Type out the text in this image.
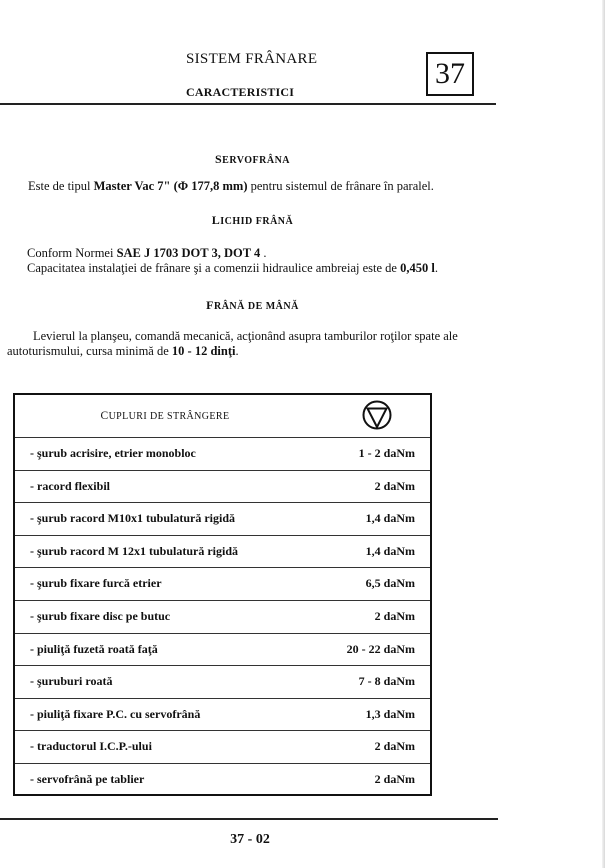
SISTEM FRÂNARE
CARACTERISTICI
37
SERVOFRÂNA
Este de tipul Master Vac 7" (Φ 177,8 mm) pentru sistemul de frânare în paralel.
LICHID FRÂNĂ
Conform Normei SAE J 1703 DOT 3, DOT 4 .
Capacitatea instalaţiei de frânare şi a comenzii hidraulice ambreiaj este de 0,450 l.
FRÂNĂ DE MÂNĂ
Levierul la planşeu, comandă mecanică, acţionând asupra tamburilor roţilor spate ale
autoturismului, cursa minimă de 10 - 12 dinţi.
CUPLURI DE STRÂNGERE
- şurub acrisire, etrier monobloc	1 - 2 daNm
- racord flexibil	2 daNm
- şurub racord M10x1 tubulatură rigidă	1,4 daNm
- şurub racord M 12x1 tubulatură rigidă	1,4 daNm
- şurub fixare furcă etrier	6,5 daNm
- şurub fixare disc pe butuc	2 daNm
- piuliţă fuzetă roată faţă	20 - 22 daNm
- şuruburi roată	7 - 8 daNm
- piuliţă fixare P.C. cu servofrână	1,3 daNm
- traductorul I.C.P.-ului	2 daNm
- servofrână pe tablier	2 daNm
37 - 02
